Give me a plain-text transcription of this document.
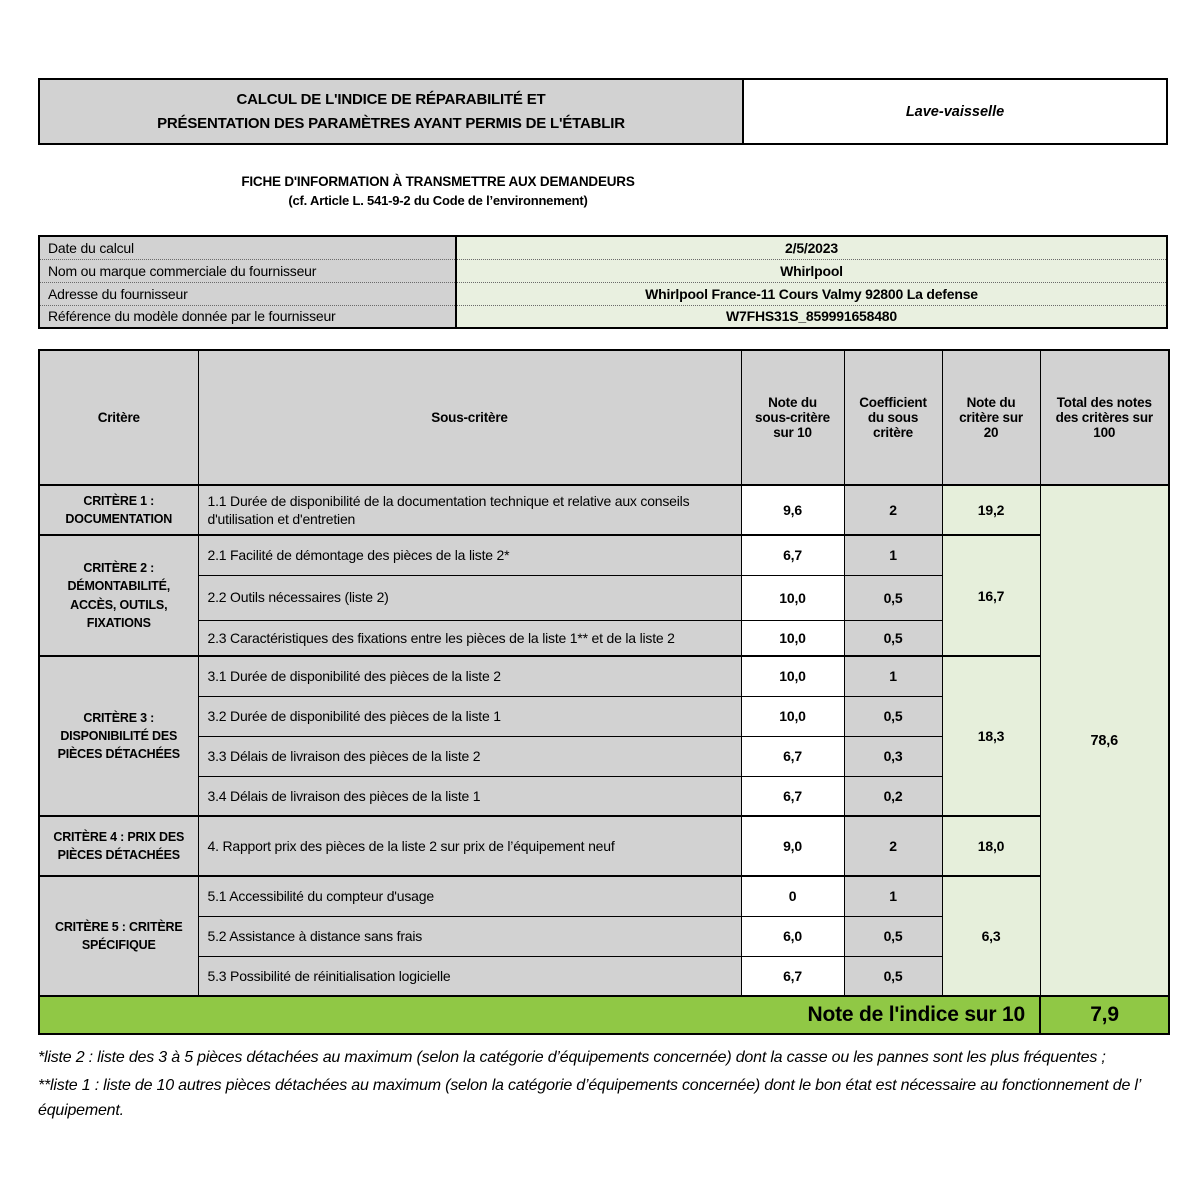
CALCUL DE L'INDICE DE RÉPARABILITÉ ET
PRÉSENTATION DES PARAMÈTRES AYANT PERMIS DE L'ÉTABLIR
Lave-vaisselle
FICHE D'INFORMATION À TRANSMETTRE AUX DEMANDEURS
(cf. Article L. 541-9-2 du Code de l’environnement)
Date du calcul	2/5/2023
Nom ou marque commerciale du fournisseur	Whirlpool
Adresse du fournisseur	Whirlpool France-11 Cours Valmy 92800 La defense
Référence du modèle donnée par le fournisseur	W7FHS31S_859991658480
Critère	Sous-critère	Note du sous-critère sur 10	Coefficient du sous critère	Note du critère sur 20	Total des notes des critères sur 100
CRITÈRE 1 : DOCUMENTATION	1.1 Durée de disponibilité de la documentation technique et relative aux conseils d'utilisation et d'entretien	9,6	2	19,2	78,6
CRITÈRE 2 : DÉMONTABILITÉ, ACCÈS, OUTILS, FIXATIONS	2.1 Facilité de démontage des pièces de la liste 2*	6,7	1	16,7	
	2.2 Outils nécessaires (liste 2)	10,0	0,5		
	2.3 Caractéristiques des fixations entre les pièces de la liste 1** et de la liste 2	10,0	0,5		
CRITÈRE 3 : DISPONIBILITÉ DES PIÈCES DÉTACHÉES	3.1 Durée de disponibilité des pièces de la liste 2	10,0	1	18,3	
	3.2 Durée de disponibilité des pièces de la liste 1	10,0	0,5		
	3.3 Délais de livraison des pièces de la liste 2	6,7	0,3		
	3.4 Délais de livraison des pièces de la liste 1	6,7	0,2		
CRITÈRE 4 : PRIX DES PIÈCES DÉTACHÉES	4. Rapport prix des pièces de la liste 2 sur prix de l’équipement neuf	9,0	2	18,0	
CRITÈRE 5 : CRITÈRE SPÉCIFIQUE	5.1 Accessibilité du compteur d'usage	0	1	6,3	
	5.2 Assistance à distance sans frais	6,0	0,5		
	5.3 Possibilité de réinitialisation logicielle	6,7	0,5		
Note de l'indice sur 10					7,9

*liste 2 : liste des 3 à 5 pièces détachées au maximum (selon la catégorie d’équipements concernée) dont la casse ou les pannes sont les plus fréquentes ;

**liste 1 : liste de 10 autres pièces détachées au maximum (selon la catégorie d’équipements concernée) dont le bon état est nécessaire au fonctionnement de l’ équipement.
